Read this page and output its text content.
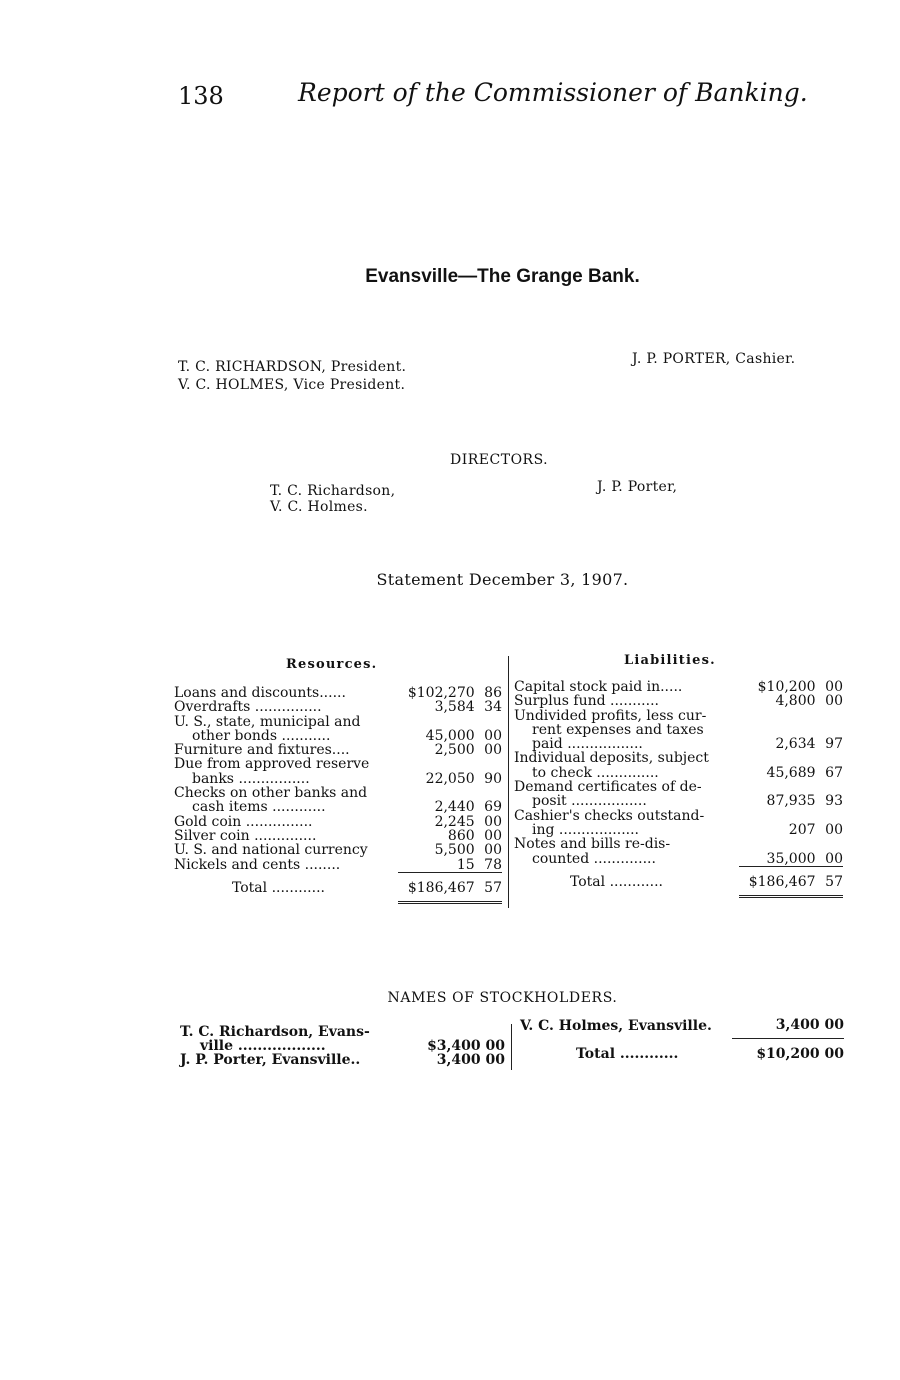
138	Report of the Commissioner of Banking.
Evansville—The Grange Bank.
T. C. RICHARDSON, President.
V. C. HOLMES, Vice President.
J. P. PORTER, Cashier.
DIRECTORS.
T. C. Richardson,
V. C. Holmes.
J. P. Porter,
Statement December 3, 1907.
Resources.	Liabilities.
Loans and discounts......	$102,270	86
Overdrafts ...............	3,584	34
U. S., state, municipal and		
other bonds ...........	45,000	00
Furniture and fixtures....	2,500	00
Due from approved reserve		
banks ................	22,050	90
Checks on other banks and		
cash items ............	2,440	69
Gold coin ...............	2,245	00
Silver coin ..............	860	00
U. S. and national currency	5,500	00
Nickels and cents ........	15	78
Total ............	$186,467	57

Capital stock paid in.....	$10,200	00
Surplus fund ...........	4,800	00
Undivided profits, less cur-		
rent expenses and taxes		
paid .................	2,634	97
Individual deposits, subject		
to check ..............	45,689	67
Demand certificates of de-		
posit .................	87,935	93
Cashier's checks outstand-		
ing ..................	207	00
Notes and bills re-dis-		
counted ..............	35,000	00
Total ............	$186,467	57

NAMES OF STOCKHOLDERS.
T. C. Richardson, Evans-	
ville ..................	$3,400 00
J. P. Porter, Evansville..	3,400 00
V. C. Holmes, Evansville.	3,400 00
Total ............	$10,200 00
